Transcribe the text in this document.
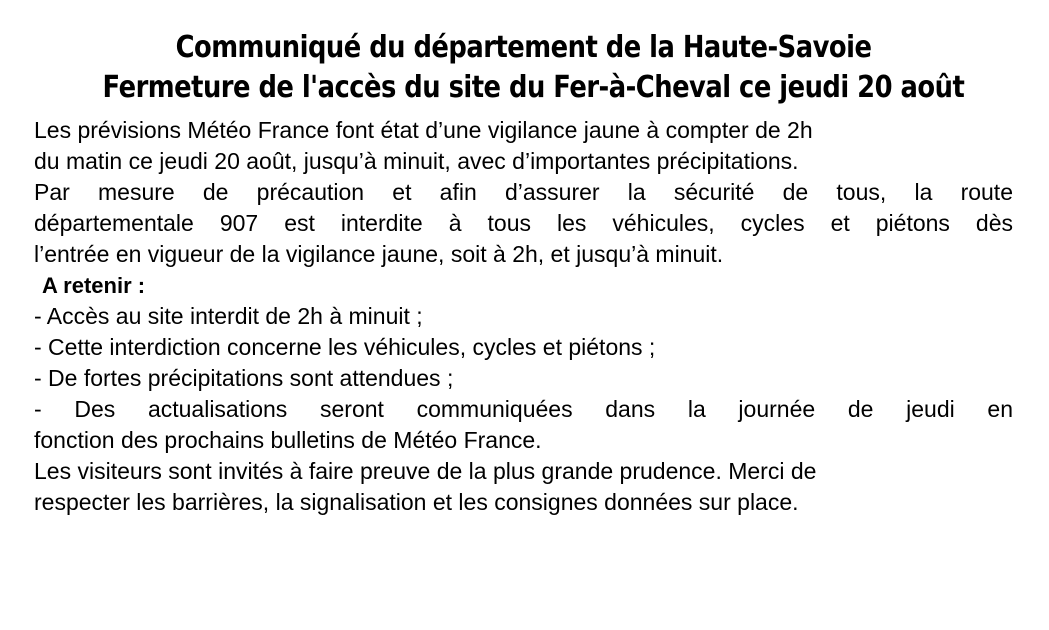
Communiqué du département de la Haute-Savoie
Fermeture de l'accès du site du Fer-à-Cheval ce jeudi 20 août

Les prévisions Météo France font état d’une vigilance jaune à compter de 2h
du matin ce jeudi 20 août, jusqu’à minuit, avec d’importantes précipitations.

Par mesure de précaution et afin d’assurer la sécurité de tous, la route
départementale 907 est interdite à tous les véhicules, cycles et piétons dès
l’entrée en vigueur de la vigilance jaune, soit à 2h, et jusqu’à minuit.

A retenir :

- Accès au site interdit de 2h à minuit ;
- Cette interdiction concerne les véhicules, cycles et piétons ;
- De fortes précipitations sont attendues ;
- Des actualisations seront communiquées dans la journée de jeudi en
fonction des prochains bulletins de Météo France.

Les visiteurs sont invités à faire preuve de la plus grande prudence. Merci de
respecter les barrières, la signalisation et les consignes données sur place.
